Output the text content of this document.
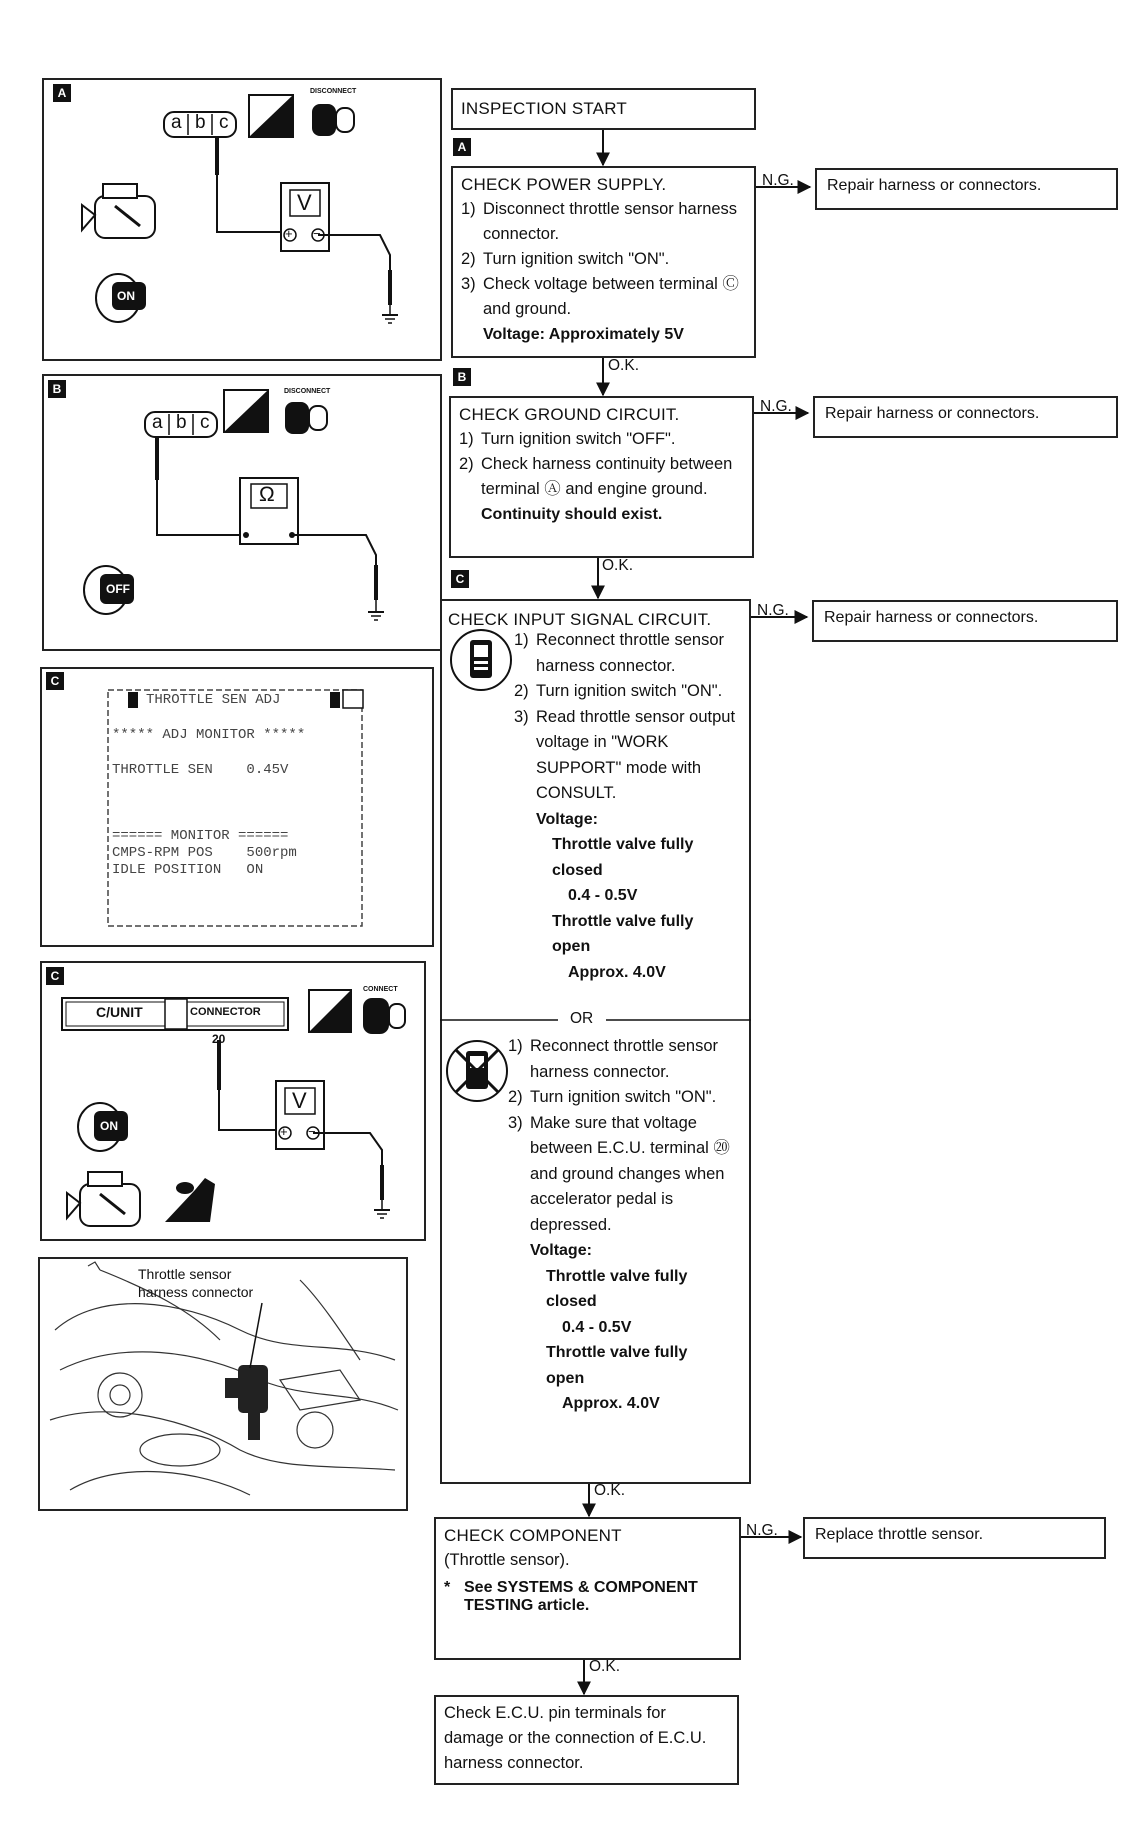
INSPECTION START
A
CHECK POWER SUPPLY.
1) Disconnect throttle sensor harness connector.
2) Turn ignition switch "ON".
3) Check voltage between terminal Ⓒ and ground.
Voltage: Approximately 5V
O.K.
N.G.	Repair harness or connectors.
B
CHECK GROUND CIRCUIT.
1) Turn ignition switch "OFF".
2) Check harness continuity between terminal Ⓐ and engine ground.
Continuity should exist.
O.K.
N.G.	Repair harness or connectors.
C
CHECK INPUT SIGNAL CIRCUIT.	N.G.	Repair harness or connectors.
1) Reconnect throttle sensor harness connector.
2) Turn ignition switch "ON".
3) Read throttle sensor output voltage in "WORK SUPPORT" mode with CONSULT.
Voltage:
Throttle valve fully closed
0.4 - 0.5V
Throttle valve fully open
Approx. 4.0V
OR
1) Reconnect throttle sensor harness connector.
2) Turn ignition switch "ON".
3) Make sure that voltage between E.C.U. terminal ⑳ and ground changes when accelerator pedal is depressed.
Voltage:
Throttle valve fully closed
0.4 - 0.5V
Throttle valve fully open
Approx. 4.0V
O.K.
CHECK COMPONENT
(Throttle sensor).
* See SYSTEMS & COMPONENT TESTING article.
N.G.	Replace throttle sensor.
O.K.
Check E.C.U. pin terminals for damage or the connection of E.C.U. harness connector.
A	DISCONNECT
a b c
V
+ −
ON
B	DISCONNECT
a b c
Ω
OFF
C
THROTTLE SEN ADJ
***** ADJ MONITOR *****
THROTTLE SEN    0.45V
====== MONITOR ======
CMPS-RPM POS    500rpm
IDLE POSITION   ON
C
C/UNIT	CONNECTOR
20
CONNECT
V
+ −
ON
Throttle sensor
harness connector
